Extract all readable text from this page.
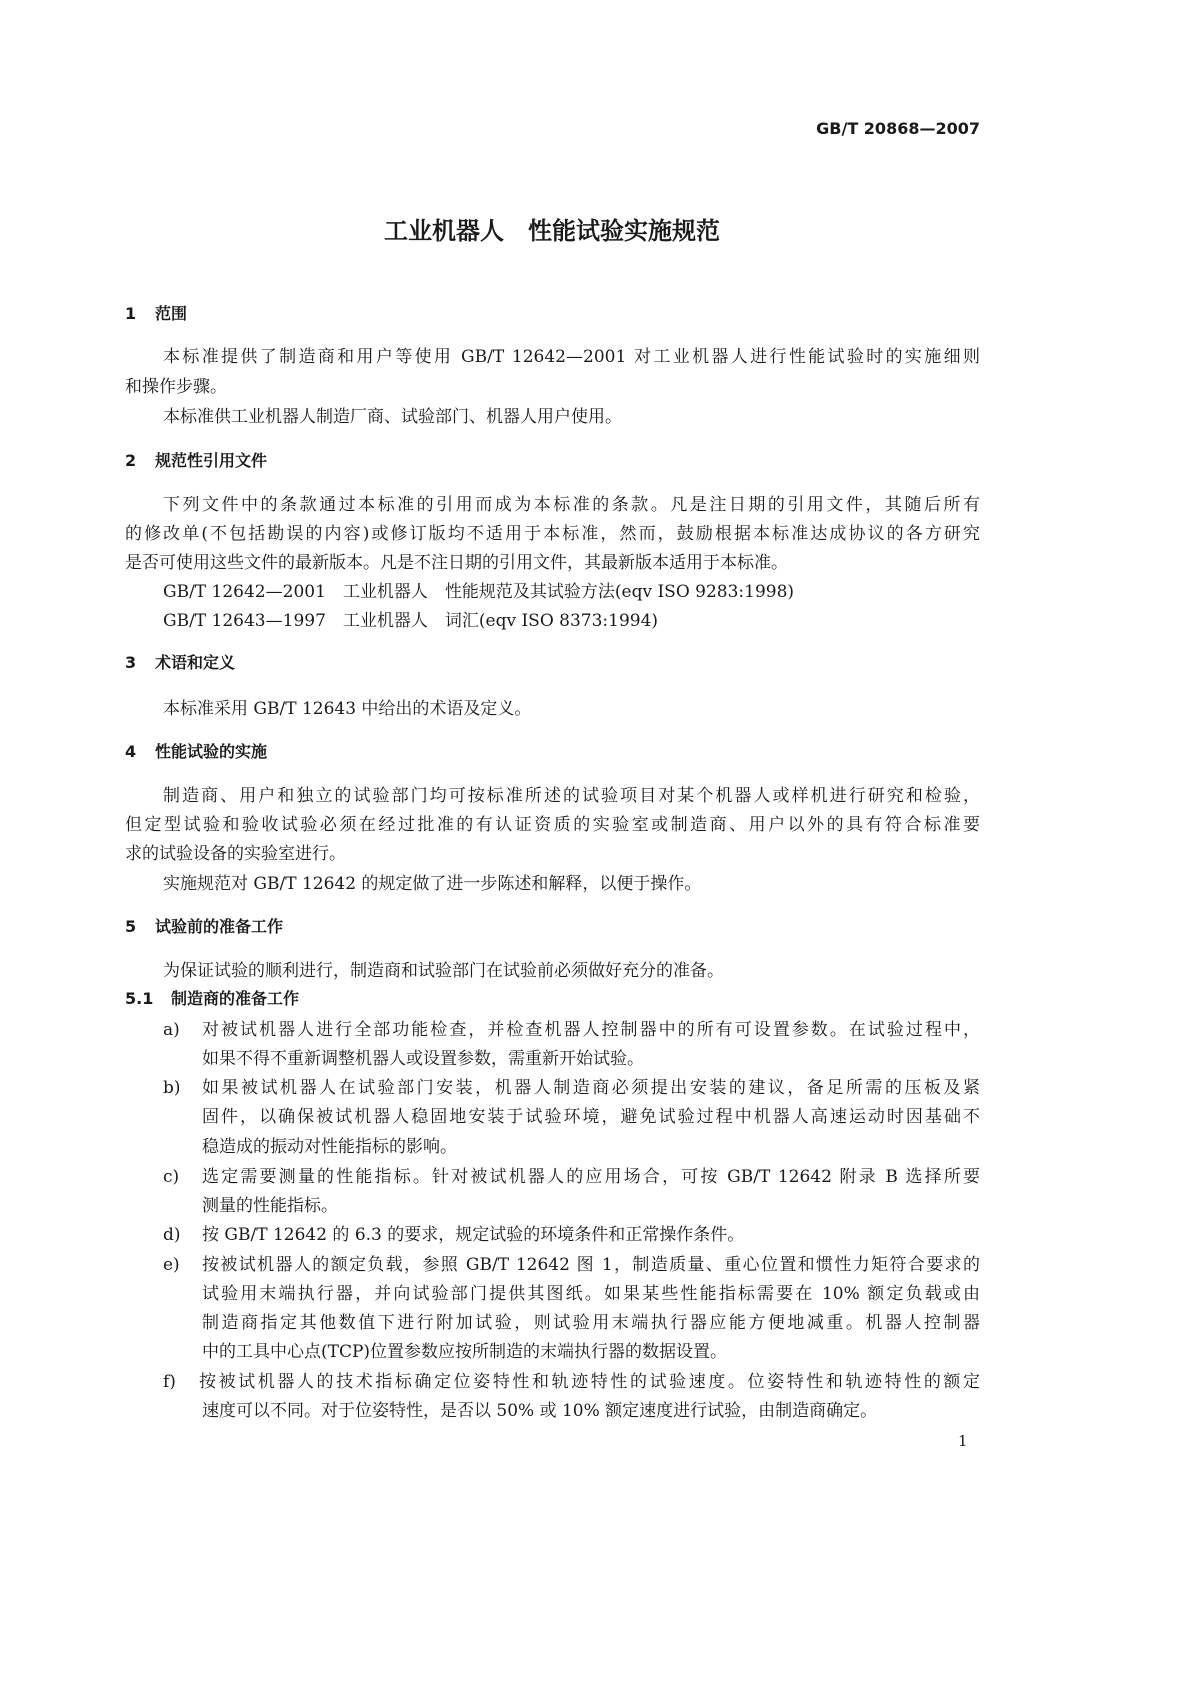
GB/T 20868—2007
工业机器人　性能试验实施规范
1 范围
本标准提供了制造商和用户等使用 GB/T 12642—2001 对工业机器人进行性能试验时的实施细则
和操作步骤。
本标准供工业机器人制造厂商、试验部门、机器人用户使用。
2 规范性引用文件
下列文件中的条款通过本标准的引用而成为本标准的条款。凡是注日期的引用文件，其随后所有
的修改单(不包括勘误的内容)或修订版均不适用于本标准，然而，鼓励根据本标准达成协议的各方研究
是否可使用这些文件的最新版本。凡是不注日期的引用文件，其最新版本适用于本标准。
GB/T 12642—2001　工业机器人　性能规范及其试验方法(eqv ISO 9283:1998)
GB/T 12643—1997　工业机器人　词汇(eqv ISO 8373:1994)
3 术语和定义
本标准采用 GB/T 12643 中给出的术语及定义。
4 性能试验的实施
制造商、用户和独立的试验部门均可按标准所述的试验项目对某个机器人或样机进行研究和检验，
但定型试验和验收试验必须在经过批准的有认证资质的实验室或制造商、用户以外的具有符合标准要
求的试验设备的实验室进行。
实施规范对 GB/T 12642 的规定做了进一步陈述和解释，以便于操作。
5 试验前的准备工作
为保证试验的顺利进行，制造商和试验部门在试验前必须做好充分的准备。
5.1 制造商的准备工作
a) 对被试机器人进行全部功能检查，并检查机器人控制器中的所有可设置参数。在试验过程中，
如果不得不重新调整机器人或设置参数，需重新开始试验。
b) 如果被试机器人在试验部门安装，机器人制造商必须提出安装的建议，备足所需的压板及紧
固件，以确保被试机器人稳固地安装于试验环境，避免试验过程中机器人高速运动时因基础不
稳造成的振动对性能指标的影响。
c) 选定需要测量的性能指标。针对被试机器人的应用场合，可按 GB/T 12642 附录 B 选择所要
测量的性能指标。
d) 按 GB/T 12642 的 6.3 的要求，规定试验的环境条件和正常操作条件。
e) 按被试机器人的额定负载，参照 GB/T 12642 图 1，制造质量、重心位置和惯性力矩符合要求的
试验用末端执行器，并向试验部门提供其图纸。如果某些性能指标需要在 10% 额定负载或由
制造商指定其他数值下进行附加试验，则试验用末端执行器应能方便地减重。机器人控制器
中的工具中心点(TCP)位置参数应按所制造的末端执行器的数据设置。
f) 按被试机器人的技术指标确定位姿特性和轨迹特性的试验速度。位姿特性和轨迹特性的额定
速度可以不同。对于位姿特性，是否以 50% 或 10% 额定速度进行试验，由制造商确定。
1
